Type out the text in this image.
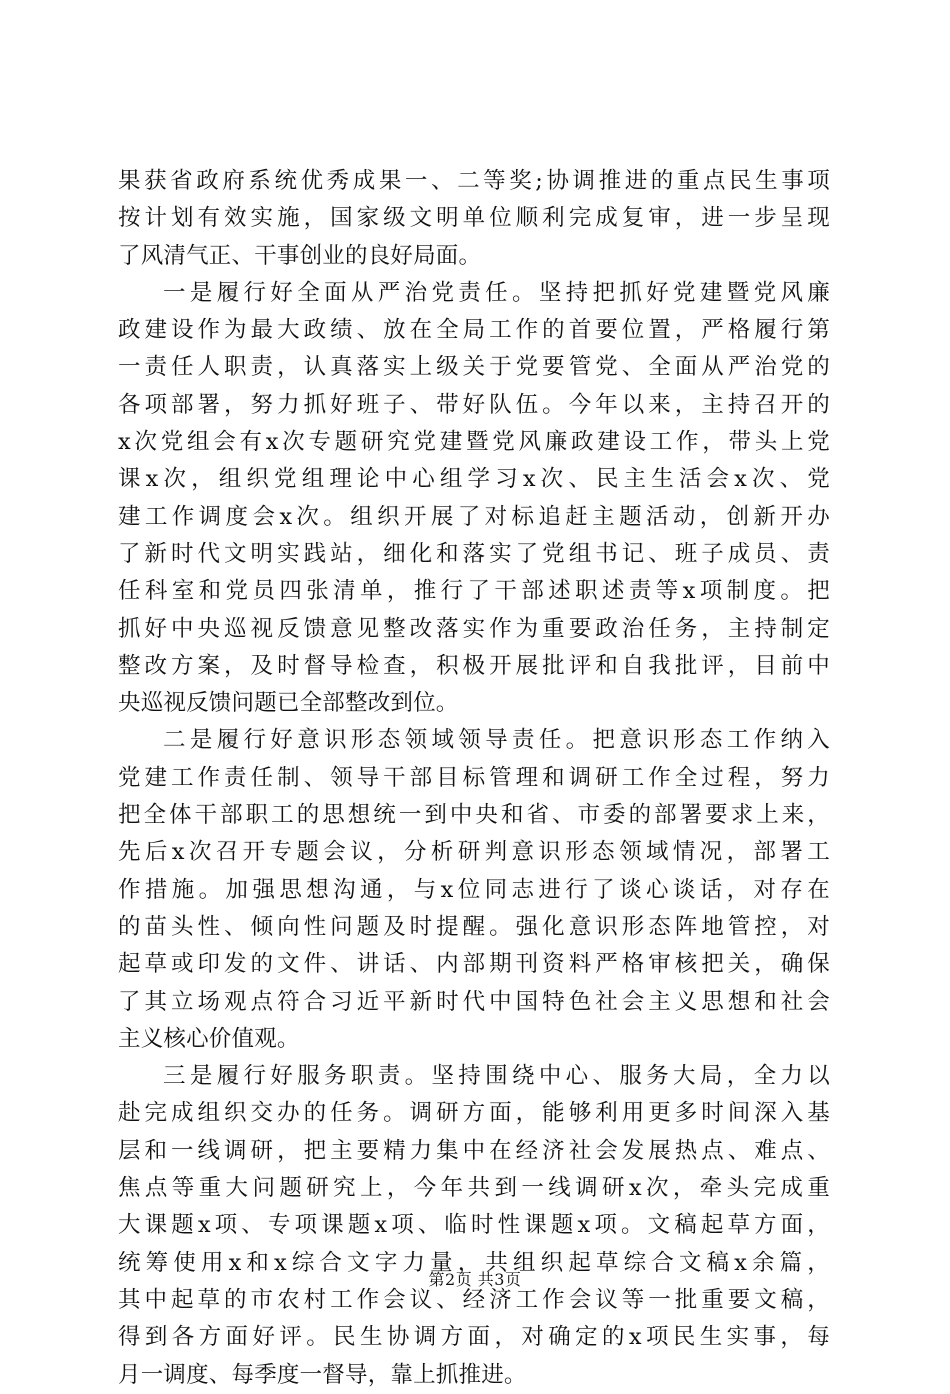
果获省政府系统优秀成果一、二等奖;协调推进的重点民生事项
按计划有效实施，国家级文明单位顺利完成复审，进一步呈现
了风清气正、干事创业的良好局面。
一是履行好全面从严治党责任。坚持把抓好党建暨党风廉
政建设作为最大政绩、放在全局工作的首要位置，严格履行第
一责任人职责，认真落实上级关于党要管党、全面从严治党的
各项部署，努力抓好班子、带好队伍。今年以来，主持召开的
x次党组会有x次专题研究党建暨党风廉政建设工作，带头上党
课x次，组织党组理论中心组学习x次、民主生活会x次、党
建工作调度会x次。组织开展了对标追赶主题活动，创新开办
了新时代文明实践站，细化和落实了党组书记、班子成员、责
任科室和党员四张清单，推行了干部述职述责等x项制度。把
抓好中央巡视反馈意见整改落实作为重要政治任务，主持制定
整改方案，及时督导检查，积极开展批评和自我批评，目前中
央巡视反馈问题已全部整改到位。
二是履行好意识形态领域领导责任。把意识形态工作纳入
党建工作责任制、领导干部目标管理和调研工作全过程，努力
把全体干部职工的思想统一到中央和省、市委的部署要求上来，
先后x次召开专题会议，分析研判意识形态领域情况，部署工
作措施。加强思想沟通，与x位同志进行了谈心谈话，对存在
的苗头性、倾向性问题及时提醒。强化意识形态阵地管控，对
起草或印发的文件、讲话、内部期刊资料严格审核把关，确保
了其立场观点符合习近平新时代中国特色社会主义思想和社会
主义核心价值观。
三是履行好服务职责。坚持围绕中心、服务大局，全力以
赴完成组织交办的任务。调研方面，能够利用更多时间深入基
层和一线调研，把主要精力集中在经济社会发展热点、难点、
焦点等重大问题研究上，今年共到一线调研x次，牵头完成重
大课题x项、专项课题x项、临时性课题x项。文稿起草方面，
统筹使用x和x综合文字力量，共组织起草综合文稿x余篇，
其中起草的市农村工作会议、经济工作会议等一批重要文稿，
得到各方面好评。民生协调方面，对确定的x项民生实事，每
月一调度、每季度一督导，靠上抓推进。
第2页 共3页
